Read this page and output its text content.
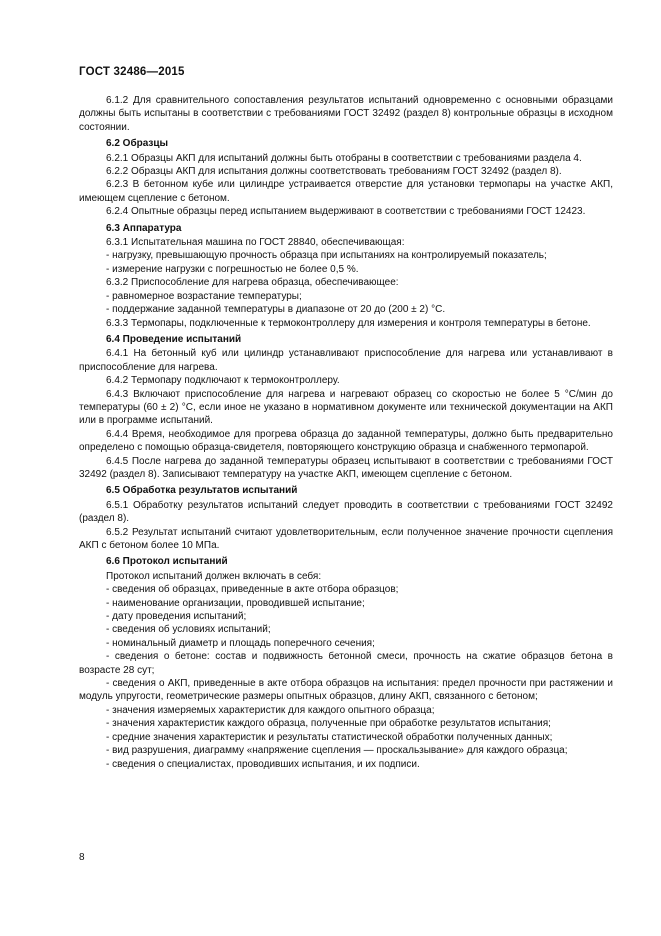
ГОСТ 32486—2015

6.1.2 Для сравнительного сопоставления результатов испытаний одновременно с основными образцами должны быть испытаны в соответствии с требованиями ГОСТ 32492 (раздел 8) контрольные образцы в исходном состоянии.

6.2 Образцы

6.2.1 Образцы АКП для испытаний должны быть отобраны в соответствии с требованиями раздела 4.

6.2.2 Образцы АКП для испытания должны соответствовать требованиям ГОСТ 32492 (раздел 8).

6.2.3 В бетонном кубе или цилиндре устраивается отверстие для установки термопары на участке АКП, имеющем сцепление с бетоном.

6.2.4 Опытные образцы перед испытанием выдерживают в соответствии с требованиями ГОСТ 12423.

6.3 Аппаратура

6.3.1 Испытательная машина по ГОСТ 28840, обеспечивающая:

- нагрузку, превышающую прочность образца при испытаниях на контролируемый показатель;

- измерение нагрузки с погрешностью не более 0,5 %.

6.3.2 Приспособление для нагрева образца, обеспечивающее:

- равномерное возрастание температуры;

- поддержание заданной температуры в диапазоне от 20 до (200 ± 2) °С.

6.3.3 Термопары, подключенные к термоконтроллеру для измерения и контроля температуры в бетоне.

6.4 Проведение испытаний

6.4.1 На бетонный куб или цилиндр устанавливают приспособление для нагрева или устанавливают в приспособление для нагрева.

6.4.2 Термопару подключают к термоконтроллеру.

6.4.3 Включают приспособление для нагрева и нагревают образец со скоростью не более 5 °С/мин до температуры (60 ± 2) °С, если иное не указано в нормативном документе или технической документации на АКП или в программе испытаний.

6.4.4 Время, необходимое для прогрева образца до заданной температуры, должно быть предварительно определено с помощью образца-свидетеля, повторяющего конструкцию образца и снабженного термопарой.

6.4.5 После нагрева до заданной температуры образец испытывают в соответствии с требованиями ГОСТ 32492 (раздел 8). Записывают температуру на участке АКП, имеющем сцепление с бетоном.

6.5 Обработка результатов испытаний

6.5.1 Обработку результатов испытаний следует проводить в соответствии с требованиями ГОСТ 32492 (раздел 8).

6.5.2 Результат испытаний считают удовлетворительным, если полученное значение прочности сцепления АКП с бетоном более 10 МПа.

6.6 Протокол испытаний

Протокол испытаний должен включать в себя:

- сведения об образцах, приведенные в акте отбора образцов;

- наименование организации, проводившей испытание;

- дату проведения испытаний;

- сведения об условиях испытаний;

- номинальный диаметр и площадь поперечного сечения;

- сведения о бетоне: состав и подвижность бетонной смеси, прочность на сжатие образцов бетона в возрасте 28 сут;

- сведения о АКП, приведенные в акте отбора образцов на испытания: предел прочности при растяжении и модуль упругости, геометрические размеры опытных образцов, длину АКП, связанного с бетоном;

- значения измеряемых характеристик для каждого опытного образца;

- значения характеристик каждого образца, полученные при обработке результатов испытания;

- средние значения характеристик и результаты статистической обработки полученных данных;

- вид разрушения, диаграмму «напряжение сцепления — проскальзывание» для каждого образца;

- сведения о специалистах, проводивших испытания, и их подписи.

8
